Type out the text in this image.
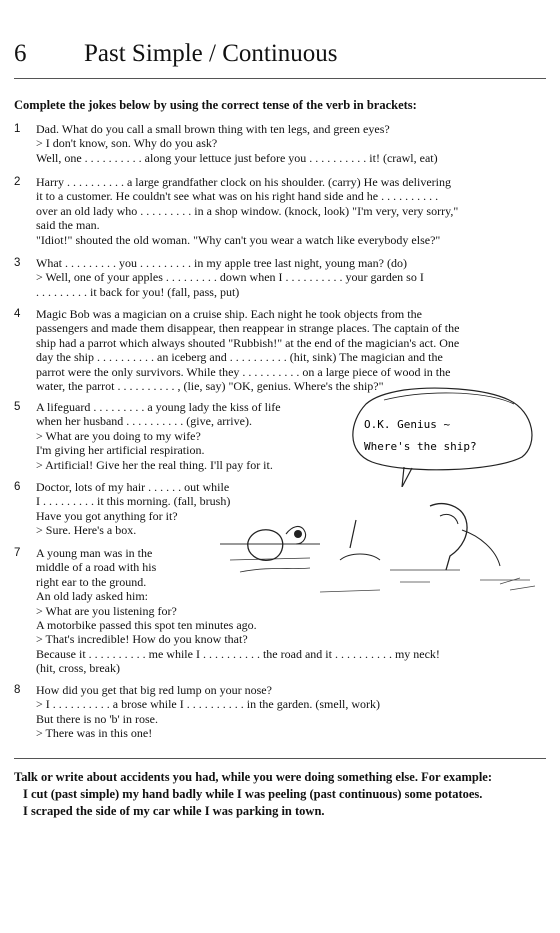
6 Past Simple / Continuous
Complete the jokes below by using the correct tense of the verb in brackets:
1	Dad. What do you call a small brown thing with ten legs, and green eyes?

> I don't know, son. Why do you ask?

Well, one . . . . . . . . . . along your lettuce just before you . . . . . . . . . . it! (crawl, eat)

2	Harry . . . . . . . . . . a large grandfather clock on his shoulder. (carry) He was delivering

it to a customer. He couldn't see what was on his right hand side and he . . . . . . . . . .

over an old lady who . . . . . . . . . in a shop window. (knock, look) "I'm very, very sorry,"

said the man.

"Idiot!" shouted the old woman. "Why can't you wear a watch like everybody else?"

3	What . . . . . . . . . you . . . . . . . . . in my apple tree last night, young man? (do)

> Well, one of your apples . . . . . . . . . down when I . . . . . . . . . . your garden so I

. . . . . . . . . it back for you! (fall, pass, put)

4	Magic Bob was a magician on a cruise ship. Each night he took objects from the

passengers and made them disappear, then reappear in strange places. The captain of the

ship had a parrot which always shouted "Rubbish!" at the end of the magician's act. One

day the ship . . . . . . . . . . an iceberg and . . . . . . . . . . (hit, sink) The magician and the

parrot were the only survivors. While they . . . . . . . . . . on a large piece of wood in the

water, the parrot . . . . . . . . . . , (lie, say) "OK, genius. Where's the ship?"

5	A lifeguard . . . . . . . . . a young lady the kiss of life

when her husband . . . . . . . . . . (give, arrive).

> What are you doing to my wife?

I'm giving her artificial respiration.

> Artificial! Give her the real thing. I'll pay for it.

6	Doctor, lots of my hair . . . . . . out while

I . . . . . . . . . it this morning. (fall, brush)

Have you got anything for it?

> Sure. Here's a box.

7	A young man was in the

middle of a road with his

right ear to the ground.

An old lady asked him:

> What are you listening for?

A motorbike passed this spot ten minutes ago.

> That's incredible! How do you know that?

Because it . . . . . . . . . . me while I . . . . . . . . . . the road and it . . . . . . . . . . my neck!

(hit, cross, break)

8	How did you get that big red lump on your nose?

> I . . . . . . . . . . a brose while I . . . . . . . . . . in the garden. (smell, work)

But there is no 'b' in rose.

> There was in this one!

O.K. Genius ~
Where's the ship?

Talk or write about accidents you had, while you were doing something else. For example:

I cut (past simple) my hand badly while I was peeling (past continuous) some potatoes.

I scraped the side of my car while I was parking in town.
